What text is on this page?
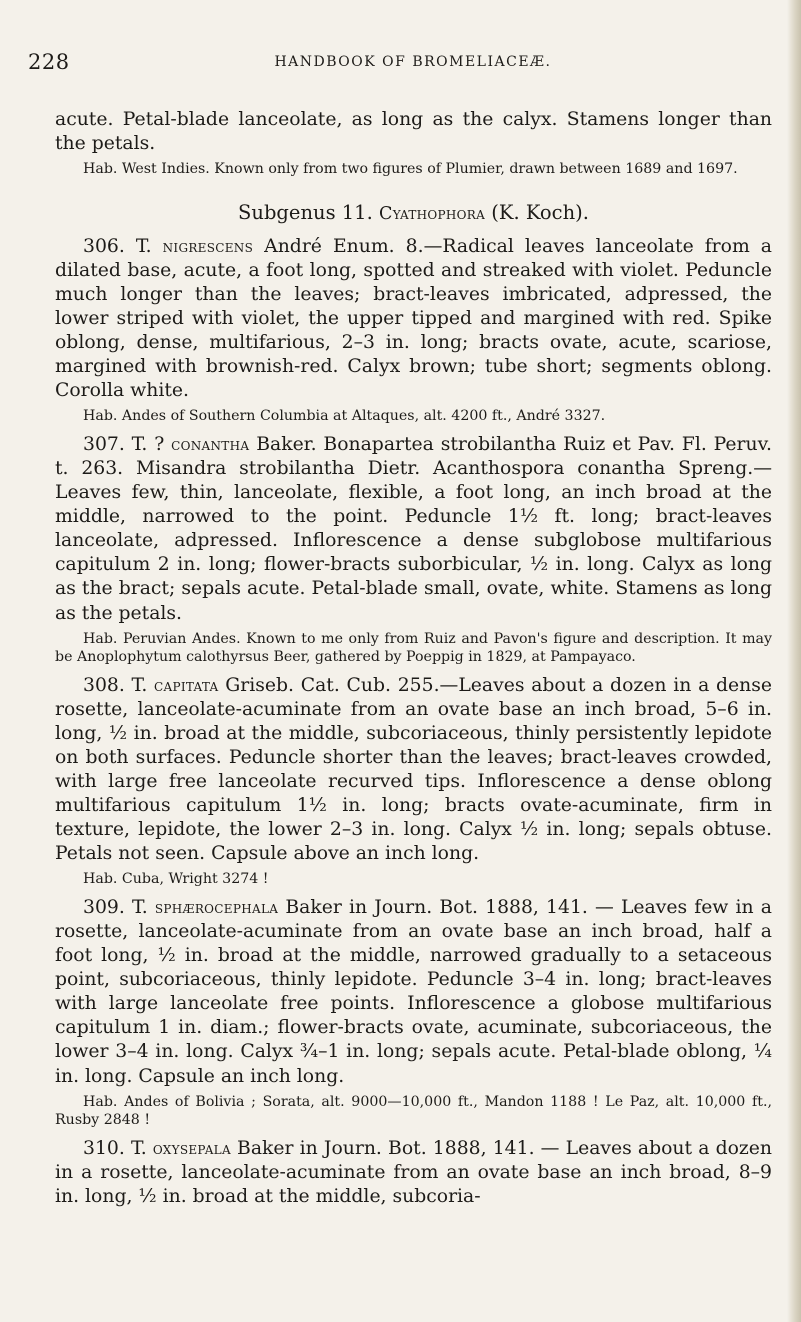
228	HANDBOOK OF BROMELIACEÆ.

acute. Petal-blade lanceolate, as long as the calyx. Stamens longer than the petals.

Hab. West Indies. Known only from two figures of Plumier, drawn between 1689 and 1697.

Subgenus 11. Cyathophora (K. Koch).

306. T. nigrescens André Enum. 8.—Radical leaves lanceolate from a dilated base, acute, a foot long, spotted and streaked with violet. Peduncle much longer than the leaves; bract-leaves imbricated, adpressed, the lower striped with violet, the upper tipped and margined with red. Spike oblong, dense, multifarious, 2–3 in. long; bracts ovate, acute, scariose, margined with brownish-red. Calyx brown; tube short; segments oblong. Corolla white.

Hab. Andes of Southern Columbia at Altaques, alt. 4200 ft., André 3327.

307. T. ? conantha Baker. Bonapartea strobilantha Ruiz et Pav. Fl. Peruv. t. 263. Misandra strobilantha Dietr. Acanthospora conantha Spreng.—Leaves few, thin, lanceolate, flexible, a foot long, an inch broad at the middle, narrowed to the point. Peduncle 1½ ft. long; bract-leaves lanceolate, adpressed. Inflorescence a dense subglobose multifarious capitulum 2 in. long; flower-bracts suborbicular, ½ in. long. Calyx as long as the bract; sepals acute. Petal-blade small, ovate, white. Stamens as long as the petals.

Hab. Peruvian Andes. Known to me only from Ruiz and Pavon's figure and description. It may be Anoplophytum calothyrsus Beer, gathered by Poeppig in 1829, at Pampayaco.

308. T. capitata Griseb. Cat. Cub. 255.—Leaves about a dozen in a dense rosette, lanceolate-acuminate from an ovate base an inch broad, 5–6 in. long, ½ in. broad at the middle, subcoriaceous, thinly persistently lepidote on both surfaces. Peduncle shorter than the leaves; bract-leaves crowded, with large free lanceolate recurved tips. Inflorescence a dense oblong multifarious capitulum 1½ in. long; bracts ovate-acuminate, firm in texture, lepidote, the lower 2–3 in. long. Calyx ½ in. long; sepals obtuse. Petals not seen. Capsule above an inch long.

Hab. Cuba, Wright 3274 !

309. T. sphærocephala Baker in Journ. Bot. 1888, 141. — Leaves few in a rosette, lanceolate-acuminate from an ovate base an inch broad, half a foot long, ½ in. broad at the middle, narrowed gradually to a setaceous point, subcoriaceous, thinly lepidote. Peduncle 3–4 in. long; bract-leaves with large lanceolate free points. Inflorescence a globose multifarious capitulum 1 in. diam.; flower-bracts ovate, acuminate, subcoriaceous, the lower 3–4 in. long. Calyx ¾–1 in. long; sepals acute. Petal-blade oblong, ¼ in. long. Capsule an inch long.

Hab. Andes of Bolivia ; Sorata, alt. 9000—10,000 ft., Mandon 1188 ! Le Paz, alt. 10,000 ft., Rusby 2848 !

310. T. oxysepala Baker in Journ. Bot. 1888, 141. — Leaves about a dozen in a rosette, lanceolate-acuminate from an ovate base an inch broad, 8–9 in. long, ½ in. broad at the middle, subcoria-
